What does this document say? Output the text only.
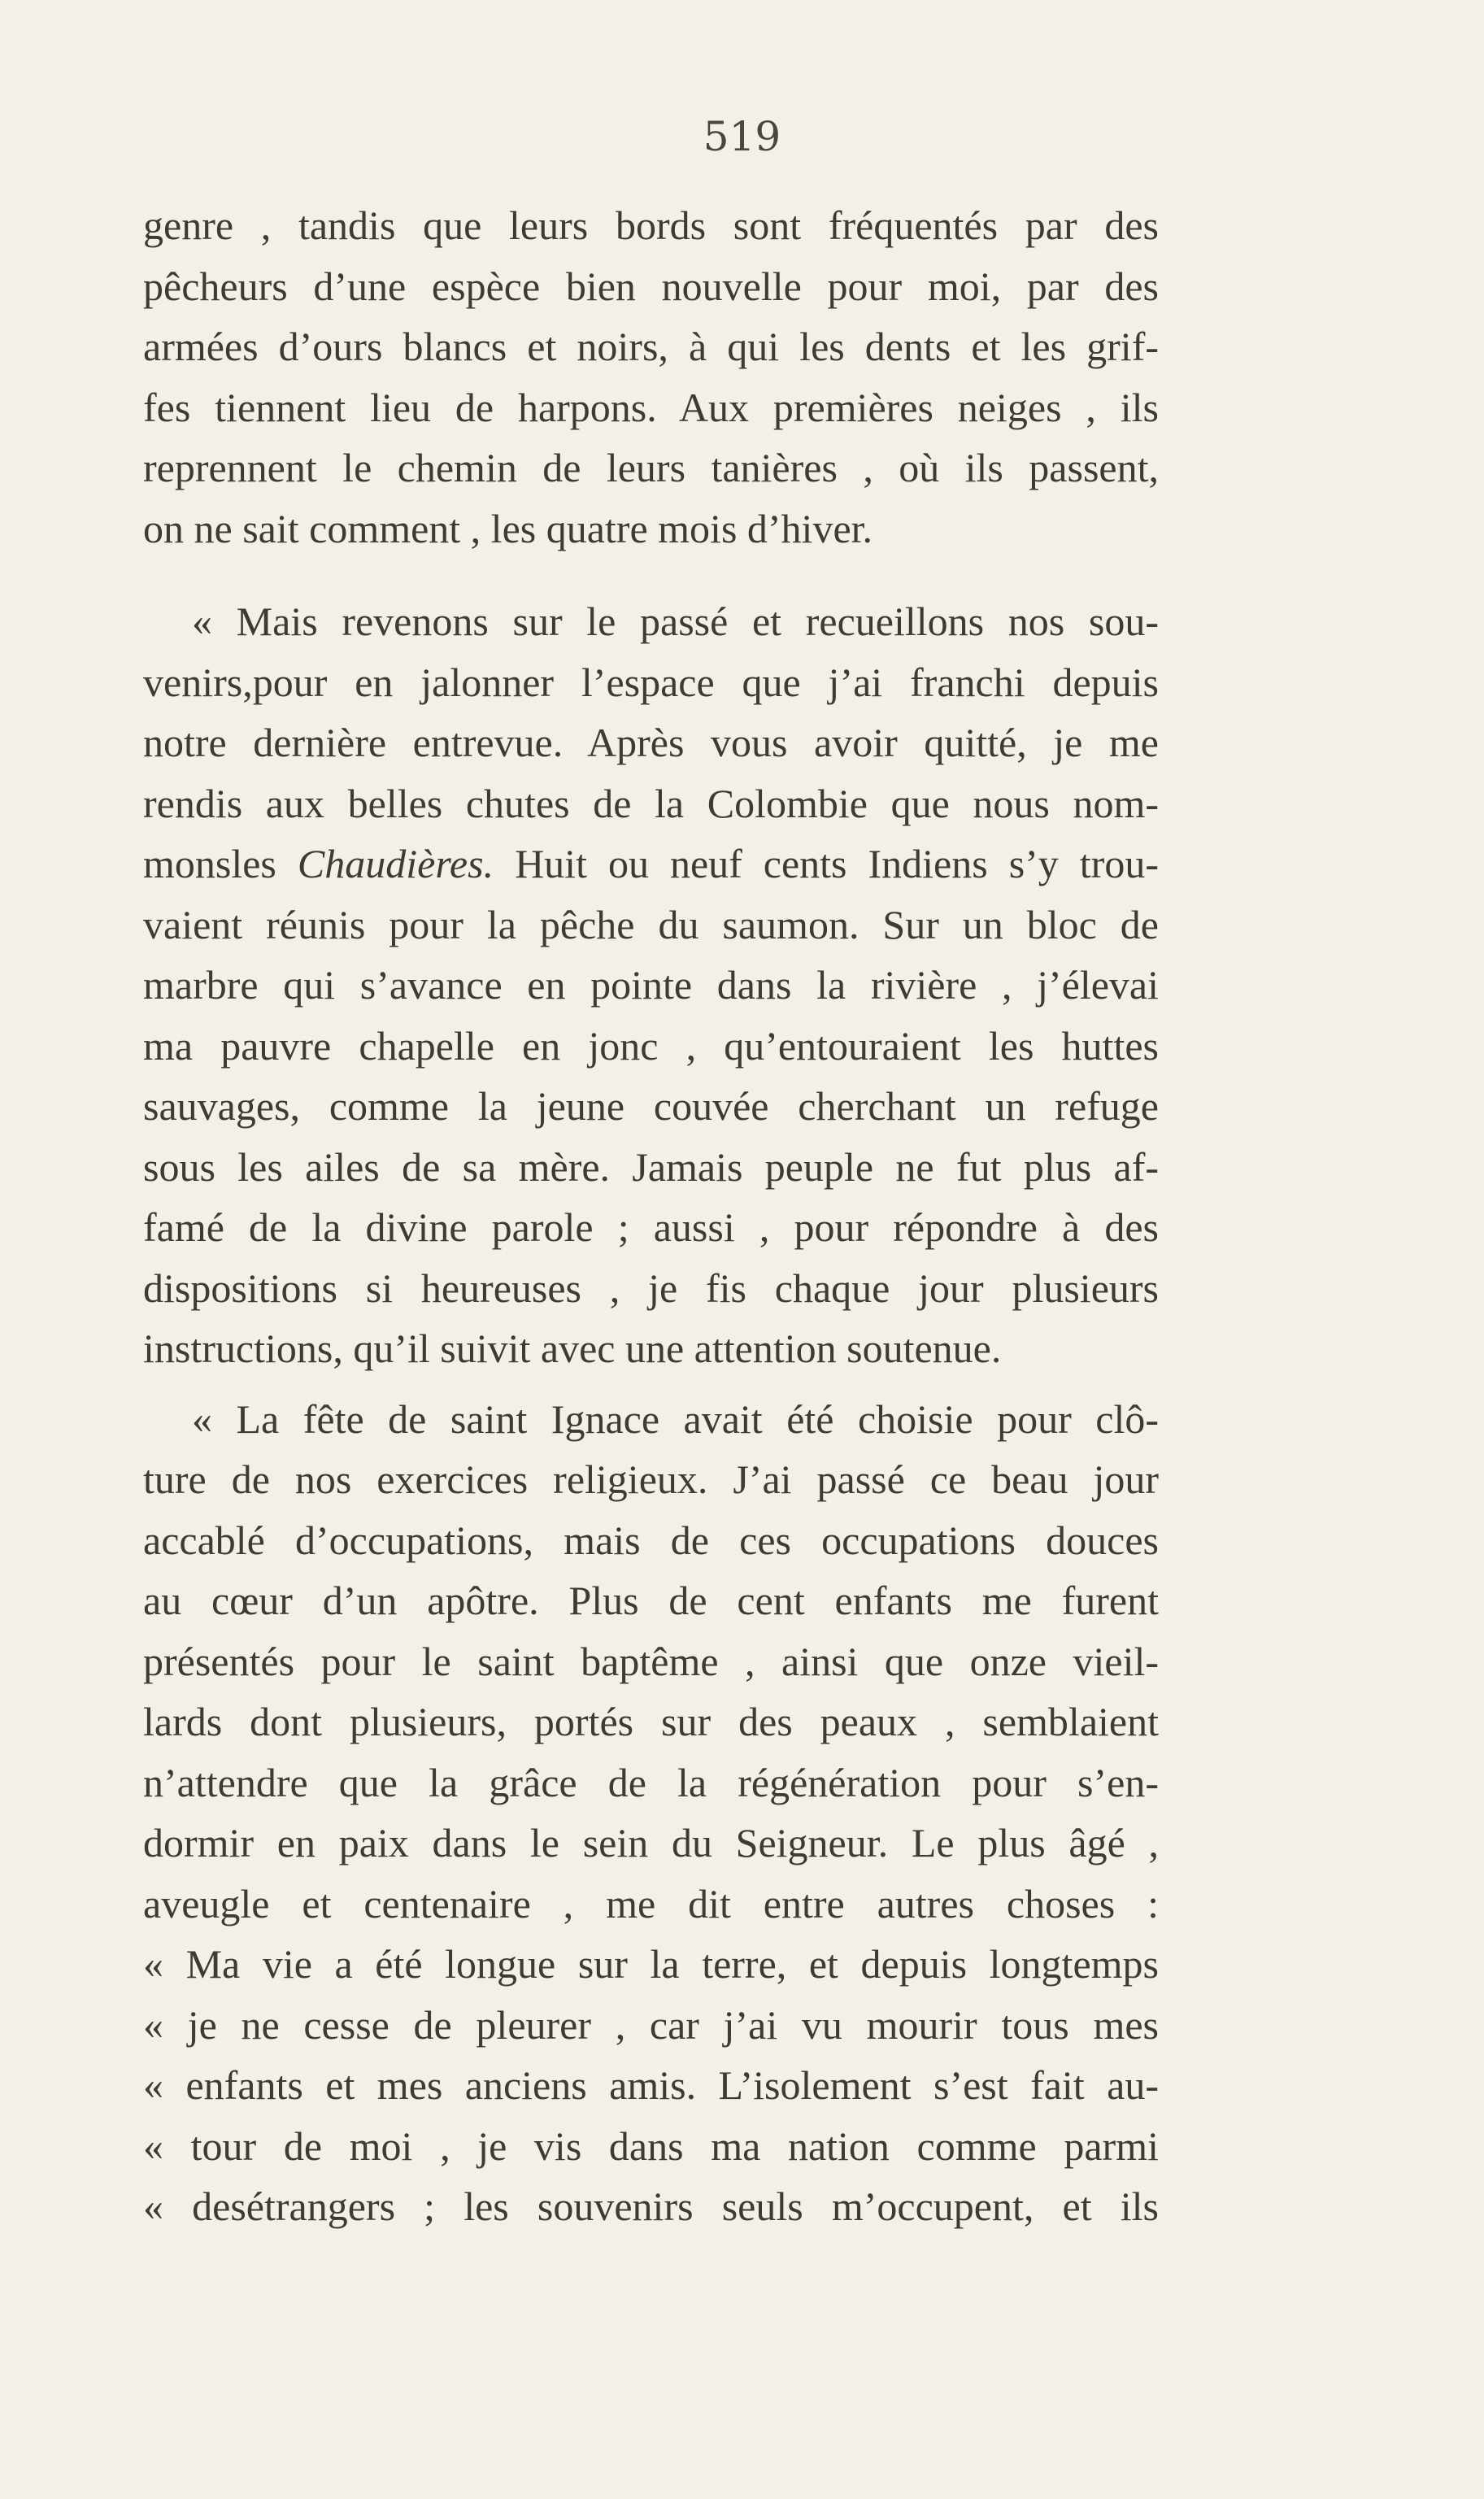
519
genre , tandis que leurs bords sont fréquentés par des
pêcheurs d’une espèce bien nouvelle pour moi, par des
armées d’ours blancs et noirs, à qui les dents et les grif-
fes tiennent lieu de harpons. Aux premières neiges , ils
reprennent le chemin de leurs tanières , où ils passent,
on ne sait comment , les quatre mois d’hiver.
« Mais revenons sur le passé et recueillons nos sou-
venirs,pour en jalonner l’espace que j’ai franchi depuis
notre dernière entrevue. Après vous avoir quitté, je me
rendis aux belles chutes de la Colombie que nous nom-
monsles Chaudières. Huit ou neuf cents Indiens s’y trou-
vaient réunis pour la pêche du saumon. Sur un bloc de
marbre qui s’avance en pointe dans la rivière , j’élevai
ma pauvre chapelle en jonc , qu’entouraient les huttes
sauvages, comme la jeune couvée cherchant un refuge
sous les ailes de sa mère. Jamais peuple ne fut plus af-
famé de la divine parole ; aussi , pour répondre à des
dispositions si heureuses , je fis chaque jour plusieurs
instructions, qu’il suivit avec une attention soutenue.
« La fête de saint Ignace avait été choisie pour clô-
ture de nos exercices religieux. J’ai passé ce beau jour
accablé d’occupations, mais de ces occupations douces
au cœur d’un apôtre. Plus de cent enfants me furent
présentés pour le saint baptême , ainsi que onze vieil-
lards dont plusieurs, portés sur des peaux , semblaient
n’attendre que la grâce de la régénération pour s’en-
dormir en paix dans le sein du Seigneur. Le plus âgé ,
aveugle et centenaire , me dit entre autres choses :
« Ma vie a été longue sur la terre, et depuis longtemps
« je ne cesse de pleurer , car j’ai vu mourir tous mes
« enfants et mes anciens amis. L’isolement s’est fait au-
« tour de moi , je vis dans ma nation comme parmi
« desétrangers ; les souvenirs seuls m’occupent, et ils
